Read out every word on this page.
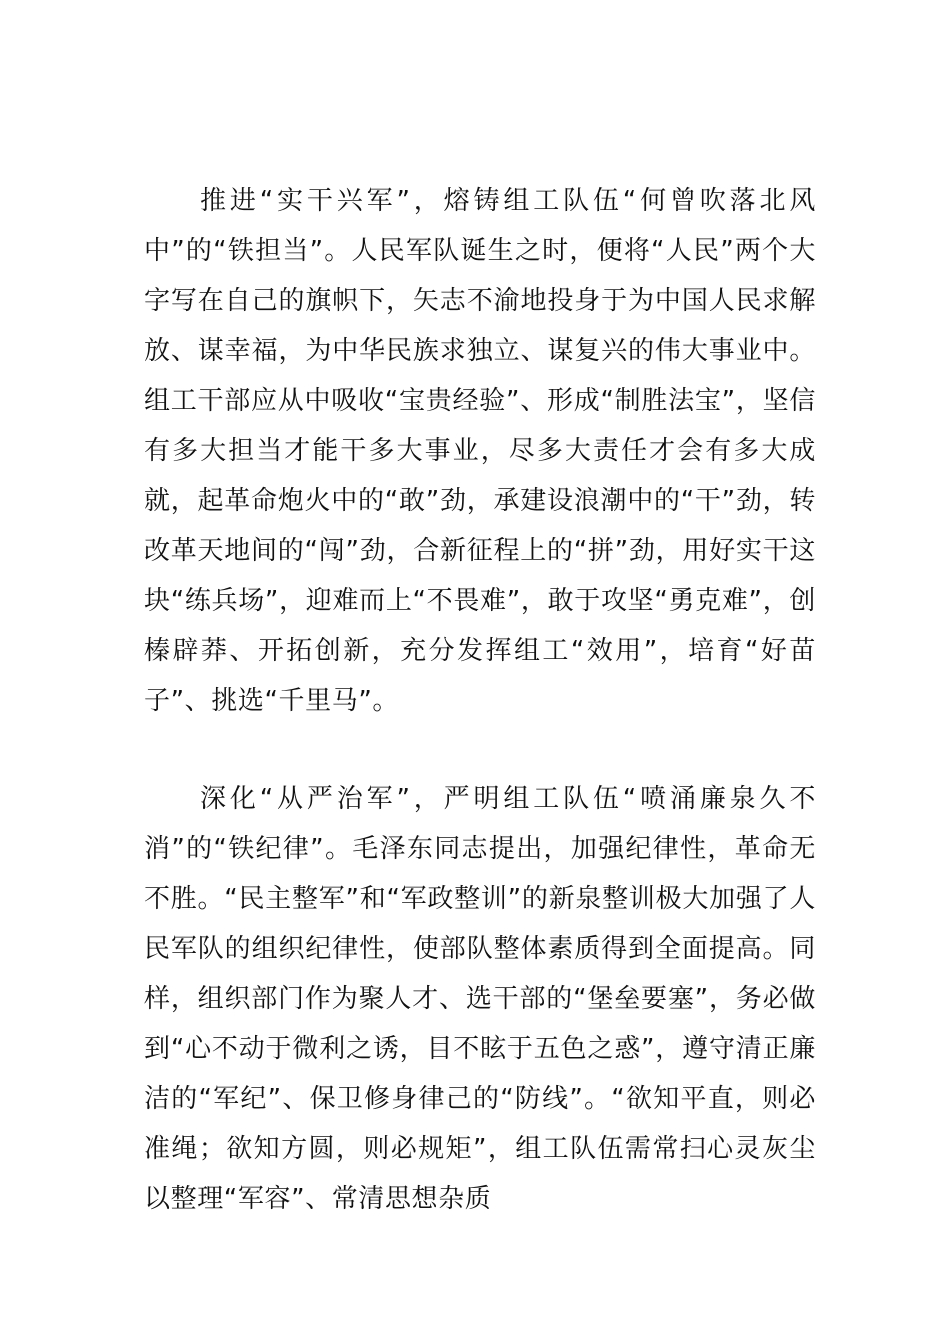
推进“实干兴军”，熔铸组工队伍“何曾吹落北风中”的“铁担当”。人民军队诞生之时，便将“人民”两个大字写在自己的旗帜下，矢志不渝地投身于为中国人民求解放、谋幸福，为中华民族求独立、谋复兴的伟大事业中。组工干部应从中吸收“宝贵经验”、形成“制胜法宝”，坚信有多大担当才能干多大事业，尽多大责任才会有多大成就，起革命炮火中的“敢”劲，承建设浪潮中的“干”劲，转改革天地间的“闯”劲，合新征程上的“拼”劲，用好实干这块“练兵场”，迎难而上“不畏难”，敢于攻坚“勇克难”，创榛辟莽、开拓创新，充分发挥组工“效用”，培育“好苗子”、挑选“千里马”。

深化“从严治军”，严明组工队伍“喷涌廉泉久不消”的“铁纪律”。毛泽东同志提出，加强纪律性，革命无不胜。“民主整军”和“军政整训”的新泉整训极大加强了人民军队的组织纪律性，使部队整体素质得到全面提高。同样，组织部门作为聚人才、选干部的“堡垒要塞”，务必做到“心不动于微利之诱，目不眩于五色之惑”，遵守清正廉洁的“军纪”、保卫修身律己的“防线”。“欲知平直，则必准绳；欲知方圆，则必规矩”，组工队伍需常扫心灵灰尘以整理“军容”、常清思想杂质
